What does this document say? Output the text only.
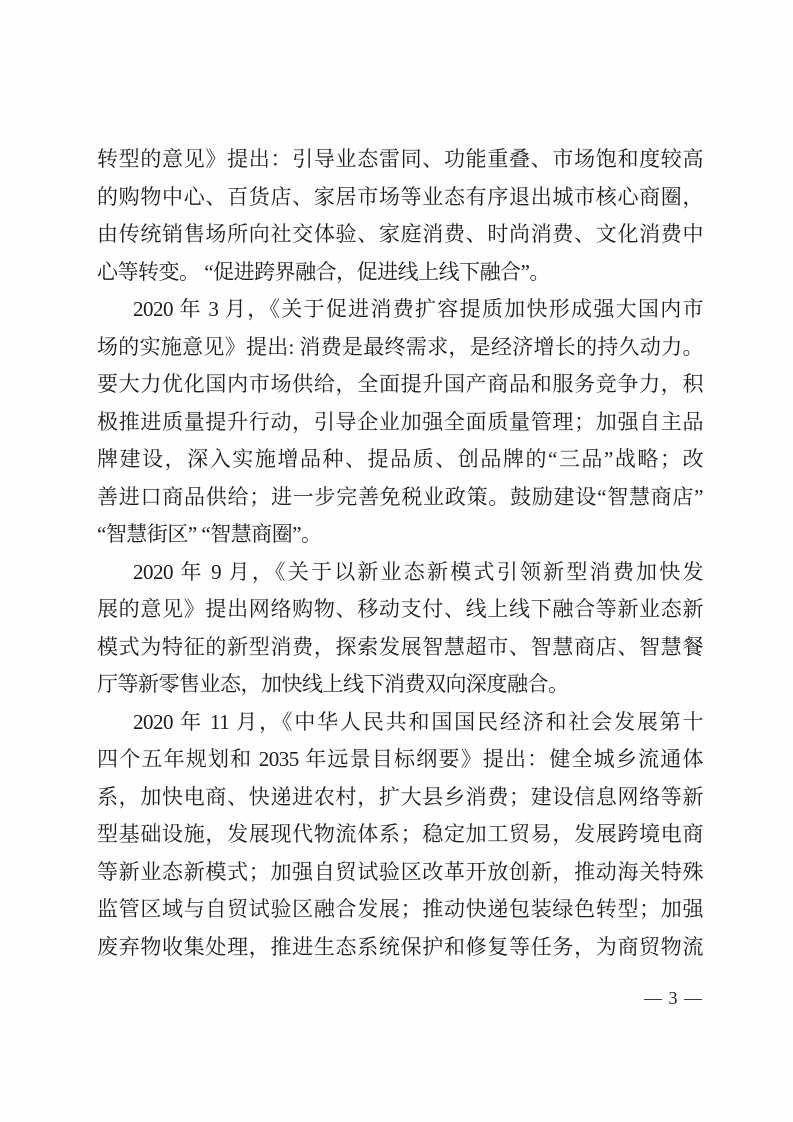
转型的意见》提出：引导业态雷同、功能重叠、市场饱和度较高
的购物中心、百货店、家居市场等业态有序退出城市核心商圈，
由传统销售场所向社交体验、家庭消费、时尚消费、文化消费中
心等转变。 “促进跨界融合，促进线上线下融合”。
2020 年 3 月，《关于促进消费扩容提质加快形成强大国内市
场的实施意见》提出: 消费是最终需求，是经济增长的持久动力。
要大力优化国内市场供给，全面提升国产商品和服务竞争力，积
极推进质量提升行动，引导企业加强全面质量管理；加强自主品
牌建设，深入实施增品种、提品质、创品牌的“三品”战略；改
善进口商品供给；进一步完善免税业政策。鼓励建设“智慧商店”
“智慧街区” “智慧商圈”。
2020 年 9 月，《关于以新业态新模式引领新型消费加快发
展的意见》提出网络购物、移动支付、线上线下融合等新业态新
模式为特征的新型消费，探索发展智慧超市、智慧商店、智慧餐
厅等新零售业态，加快线上线下消费双向深度融合。
2020 年 11 月，《中华人民共和国国民经济和社会发展第十
四个五年规划和 2035 年远景目标纲要》提出：健全城乡流通体
系，加快电商、快递进农村，扩大县乡消费；建设信息网络等新
型基础设施，发展现代物流体系；稳定加工贸易，发展跨境电商
等新业态新模式；加强自贸试验区改革开放创新，推动海关特殊
监管区域与自贸试验区融合发展；推动快递包装绿色转型；加强
废弃物收集处理，推进生态系统保护和修复等任务，为商贸物流
— 3 —
